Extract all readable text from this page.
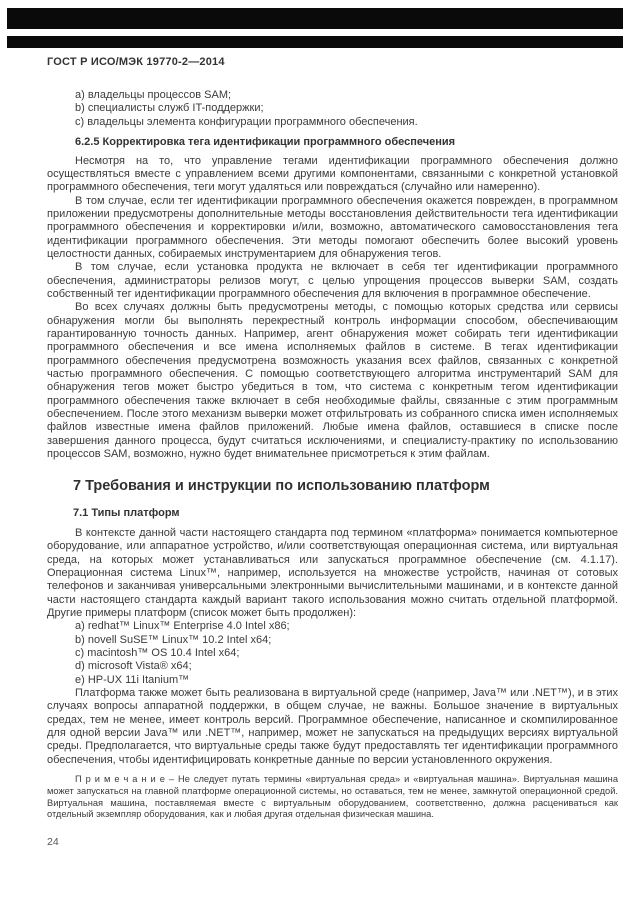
ГОСТ Р ИСО/МЭК 19770-2—2014
a) владельцы процессов SAM;
b) специалисты служб IT-поддержки;
c) владельцы элемента конфигурации программного обеспечения.
6.2.5 Корректировка тега идентификации программного обеспечения

Несмотря на то, что управление тегами идентификации программного обеспечения должно осуществляться вместе с управлением всеми другими компонентами, связанными с конкретной установкой программного обеспечения, теги могут удаляться или повреждаться (случайно или намеренно).

В том случае, если тег идентификации программного обеспечения окажется поврежден, в программном приложении предусмотрены дополнительные методы восстановления действительности тега идентификации программного обеспечения и корректировки и/или, возможно, автоматического самовосстановления тега идентификации программного обеспечения. Эти методы помогают обеспечить более высокий уровень целостности данных, собираемых инструментарием для обнаружения тегов.

В том случае, если установка продукта не включает в себя тег идентификации программного обеспечения, администраторы релизов могут, с целью упрощения процессов выверки SAM, создать собственный тег идентификации программного обеспечения для включения в программное обеспечение.

Во всех случаях должны быть предусмотрены методы, с помощью которых средства или сервисы обнаружения могли бы выполнять перекрестный контроль информации способом, обеспечивающим гарантированную точность данных. Например, агент обнаружения может собирать теги идентификации программного обеспечения и все имена исполняемых файлов в системе. В тегах идентификации программного обеспечения предусмотрена возможность указания всех файлов, связанных с конкретной частью программного обеспечения. С помощью соответствующего алгоритма инструментарий SAM для обнаружения тегов может быстро убедиться в том, что система с конкретным тегом идентификации программного обеспечения также включает в себя необходимые файлы, связанные с этим программным обеспечением. После этого механизм выверки может отфильтровать из собранного списка имен исполняемых файлов известные имена файлов приложений. Любые имена файлов, оставшиеся в списке после завершения данного процесса, будут считаться исключениями, и специалисту-практику по использованию процессов SAM, возможно, нужно будет внимательнее присмотреться к этим файлам.

7 Требования и инструкции по использованию платформ
7.1 Типы платформ

В контексте данной части настоящего стандарта под термином «платформа» понимается компьютерное оборудование, или аппаратное устройство, и/или соответствующая операционная система, или виртуальная среда, на которых может устанавливаться или запускаться программное обеспечение (см. 4.1.17). Операционная система Linux™, например, используется на множестве устройств, начиная от сотовых телефонов и заканчивая универсальными электронными вычислительными машинами, и в контексте данной части настоящего стандарта каждый вариант такого использования можно считать отдельной платформой. Другие примеры платформ (список может быть продолжен):

a) redhat™ Linux™ Enterprise 4.0 Intel x86;
b) novell SuSE™ Linux™ 10.2 Intel x64;
c) macintosh™ OS 10.4 Intel x64;
d) microsoft Vista® x64;
e) HP-UX 11i Itanium™

Платформа также может быть реализована в виртуальной среде (например, Java™ или .NET™), и в этих случаях вопросы аппаратной поддержки, в общем случае, не важны. Большое значение в виртуальных средах, тем не менее, имеет контроль версий. Программное обеспечение, написанное и скомпилированное для одной версии Java™ или .NET™, например, может не запускаться на предыдущих версиях виртуальной среды. Предполагается, что виртуальные среды также будут предоставлять тег идентификации программного обеспечения, чтобы идентифицировать конкретные данные по версии установленного окружения.

П р и м е ч а н и е – Не следует путать термины «виртуальная среда» и «виртуальная машина». Виртуальная машина может запускаться на главной платформе операционной системы, но оставаться, тем не менее, замкнутой операционной средой. Виртуальная машина, поставляемая вместе с виртуальным оборудованием, соответственно, должна расцениваться как отдельный экземпляр оборудования, как и любая другая отдельная физическая машина.

24
